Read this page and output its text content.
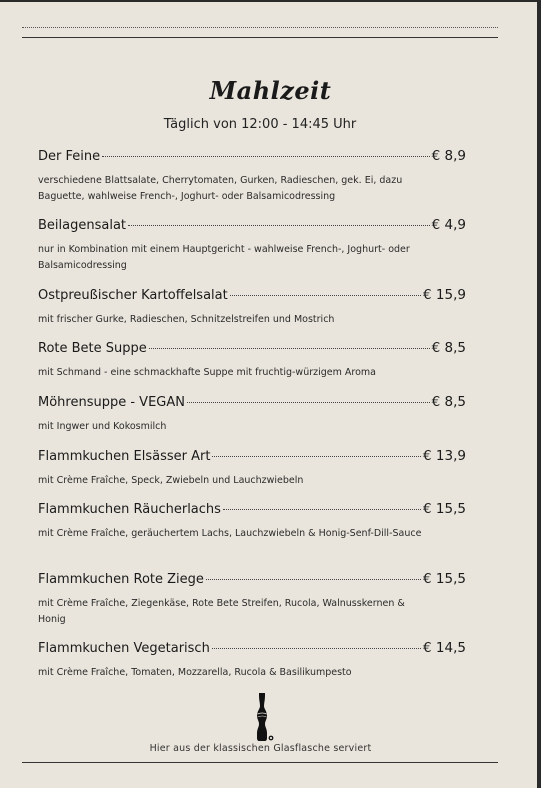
Mahlzeit
Täglich von 12:00 - 14:45 Uhr
Der Feine	€ 8,9
verschiedene Blattsalate, Cherrytomaten, Gurken, Radieschen, gek. Ei, dazu Baguette, wahlweise French-, Joghurt- oder Balsamicodressing
Beilagensalat	€ 4,9
nur in Kombination mit einem Hauptgericht - wahlweise French-, Joghurt- oder Balsamicodressing
Ostpreußischer Kartoffelsalat	€ 15,9
mit frischer Gurke, Radieschen, Schnitzelstreifen und Mostrich
Rote Bete Suppe	€ 8,5
mit Schmand - eine schmackhafte Suppe mit fruchtig-würzigem Aroma
Möhrensuppe - VEGAN	€ 8,5
mit Ingwer und Kokosmilch
Flammkuchen Elsässer Art	€ 13,9
mit Crème Fraîche, Speck, Zwiebeln und Lauchzwiebeln
Flammkuchen Räucherlachs	€ 15,5
mit Crème Fraîche, geräuchertem Lachs, Lauchzwiebeln & Honig-Senf-Dill-Sauce
Flammkuchen Rote Ziege	€ 15,5
mit Crème Fraîche, Ziegenkäse, Rote Bete Streifen, Rucola, Walnusskernen & Honig
Flammkuchen Vegetarisch	€ 14,5
mit Crème Fraîche, Tomaten, Mozzarella, Rucola & Basilikumpesto
Hier aus der klassischen Glasflasche serviert
